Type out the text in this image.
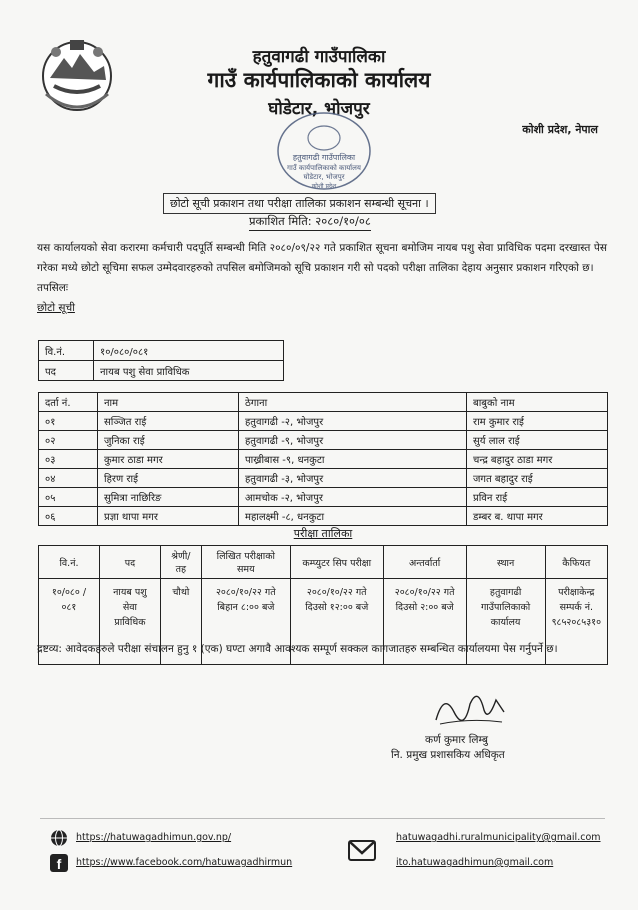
हतुवागढी गाउँपालिका
गाउँ कार्यपालिकाको कार्यालय
घोडेटार, भोजपुर
कोशी प्रदेश, नेपाल
हतुवागढी गाउँपालिका
गाउँ कार्यपालिकाको कार्यालय
घोडेटार, भोजपुर
कोशी प्रदेश
छोटो सूची प्रकाशन तथा परीक्षा तालिका प्रकाशन सम्बन्धी सूचना ।
प्रकाशित मिति: २०८०/१०/०८
यस कार्यालयको सेवा करारमा कर्मचारी पदपूर्ति सम्बन्धी मिति २०८०/०९/२२ गते प्रकाशित सूचना बमोजिम नायब पशु सेवा प्राविधिक पदमा दरखास्त पेस गरेका मध्ये छोटो सूचिमा सफल उम्मेदवारहरुको तपसिल बमोजिमको सूचि प्रकाशन गरी सो पदको परीक्षा तालिका देहाय अनुसार प्रकाशन गरिएको छ।
तपसिलः
छोटो सूची
वि.नं.	१०/०८०/०८१
पद	नायब पशु सेवा प्राविधिक
दर्ता नं.	नाम	ठेगाना	बाबुको नाम
०१	सञ्जित राई	हतुवागढी -२, भोजपुर	राम कुमार राई
०२	जुनिका राई	हतुवागढी -९, भोजपुर	सुर्य लाल राई
०३	कुमार ठाडा मगर	पाख्रीबास -९, धनकुटा	चन्द्र बहादुर ठाडा मगर
०४	हिरण राई	हतुवागढी -३, भोजपुर	जगत बहादुर राई
०५	सुमित्रा नाछिरिङ	आमचोक -२, भोजपुर	प्रविन राई
०६	प्रज्ञा थापा मगर	महालक्ष्मी -८, धनकुटा	डम्बर ब. थापा मगर
परीक्षा तालिका
वि.नं.	पद	श्रेणी/तह	लिखित परीक्षाको समय	कम्प्युटर सिप परीक्षा	अन्तर्वार्ता	स्थान	कैफियत
१०/०८० /०८१	नायब पशु सेवा प्राविधिक	चौथो	२०८०/१०/२२ गते बिहान ८:०० बजे	२०८०/१०/२२ गते दिउसो १२:०० बजे	२०८०/१०/२२ गते दिउसो २:०० बजे	हतुवागढी गाउँपालिकाको कार्यालय	परीक्षाकेन्द्र सम्पर्क नं. ९८५२०८५३१०
द्रष्टव्य: आवेदकहरुले परीक्षा संचालन हुनु १ (एक) घण्टा अगावै आवश्यक सम्पूर्ण सक्कल कागजातहरु सम्बन्धित कार्यालयमा पेस गर्नुपर्ने छ।
कर्ण कुमार लिम्बु
नि. प्रमुख प्रशासकिय अधिकृत
https://hatuwagadhimun.gov.np/
f https://www.facebook.com/hatuwagadhirmun
hatuwagadhi.ruralmunicipality@gmail.com
ito.hatuwagadhimun@gmail.com
